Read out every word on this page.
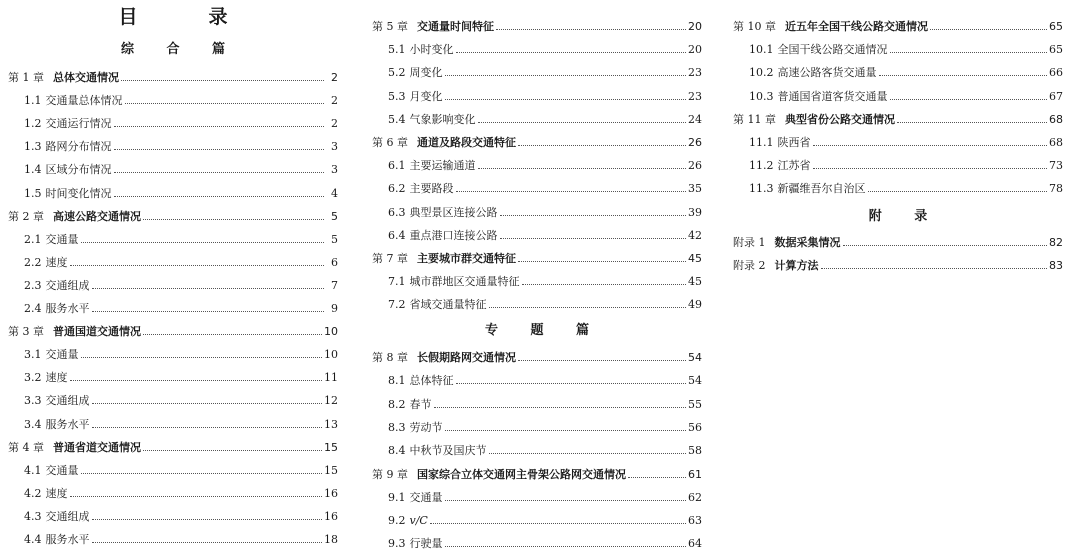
目　录
综 合 篇
第 1 章 总体交通情况	2
1.1 交通量总体情况	2
1.2 交通运行情况	2
1.3 路网分布情况	3
1.4 区域分布情况	3
1.5 时间变化情况	4
第 2 章 高速公路交通情况	5
2.1 交通量	5
2.2 速度	6
2.3 交通组成	7
2.4 服务水平	9
第 3 章 普通国道交通情况	10
3.1 交通量	10
3.2 速度	11
3.3 交通组成	12
3.4 服务水平	13
第 4 章 普通省道交通情况	15
4.1 交通量	15
4.2 速度	16
4.3 交通组成	16
4.4 服务水平	18
专 题 篇
第 5 章 交通量时间特征	20
5.1 小时变化	20
5.2 周变化	23
5.3 月变化	23
5.4 气象影响变化	24
第 6 章 通道及路段交通特征	26
6.1 主要运输通道	26
6.2 主要路段	35
6.3 典型景区连接公路	39
6.4 重点港口连接公路	42
第 7 章 主要城市群交通特征	45
7.1 城市群地区交通量特征	45
7.2 省域交通量特征	49
第 8 章 长假期路网交通情况	54
8.1 总体特征	54
8.2 春节	55
8.3 劳动节	56
8.4 中秋节及国庆节	58
第 9 章 国家综合立体交通网主骨架公路网交通情况	61
9.1 交通量	62
9.2 v/C	63
9.3 行驶量	64
附 录
第 10 章 近五年全国干线公路交通情况	65
10.1 全国干线公路交通情况	65
10.2 高速公路客货交通量	66
10.3 普通国省道客货交通量	67
第 11 章 典型省份公路交通情况	68
11.1 陕西省	68
11.2 江苏省	73
11.3 新疆维吾尔自治区	78
附录 1 数据采集情况	82
附录 2 计算方法	83
